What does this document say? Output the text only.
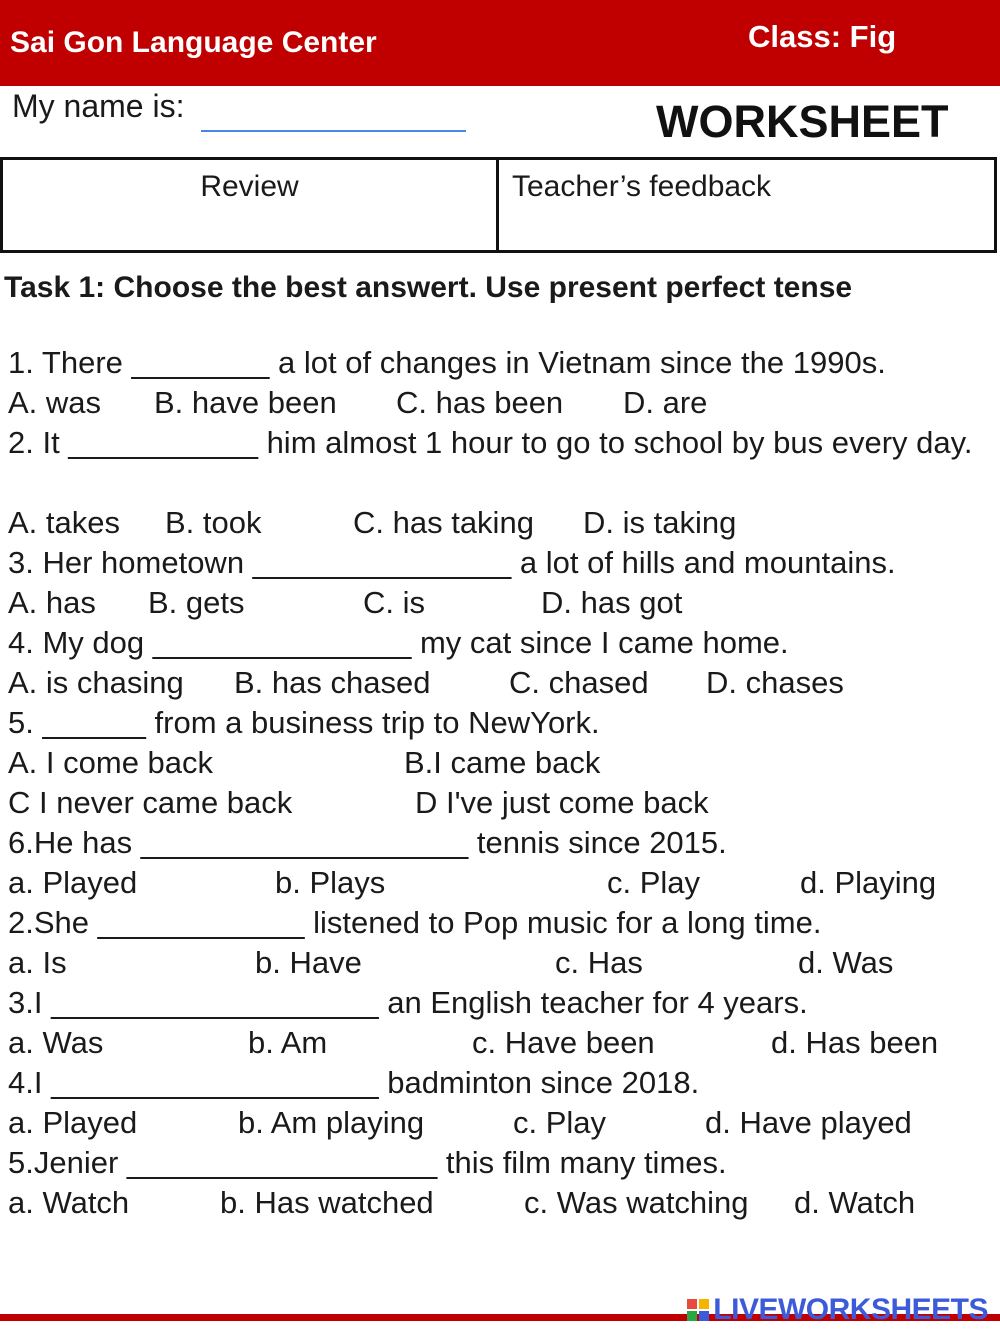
Sai Gon Language Center	Class: Fig
My name is:	WORKSHEET
Review	Teacher’s feedback
Task 1: Choose the best answert. Use present perfect tense
1. There ________ a lot of changes in Vietnam since the 1990s.
A. was B. have been C. has been D. are
2. It ___________ him almost 1 hour to go to school by bus every day.
A. takes B. took	C. has taking D. is taking
3. Her hometown _______________ a lot of hills and mountains.
A. has B. gets	C. is	D. has got
4. My dog _______________ my cat since I came home.
A. is chasing B. has chased	C. chased D. chases
5. ______ from a business trip to NewYork.
A. I come back	B.I came back
C I never came back	D I've just come back
6.He has ___________________ tennis since 2015.
a. Played	b. Plays	c. Play	d. Playing
2.She ____________ listened to Pop music for a long time.
a. Is	b. Have	c. Has	d. Was
3.I ___________________ an English teacher for 4 years.
a. Was	b. Am	c. Have been	d. Has been
4.I ___________________ badminton since 2018.
a. Played	b. Am playing	c. Play	d. Have played
5.Jenier __________________ this film many times.
a. Watch	b. Has watched	c. Was watching d. Watch
LIVEWORKSHEETS
